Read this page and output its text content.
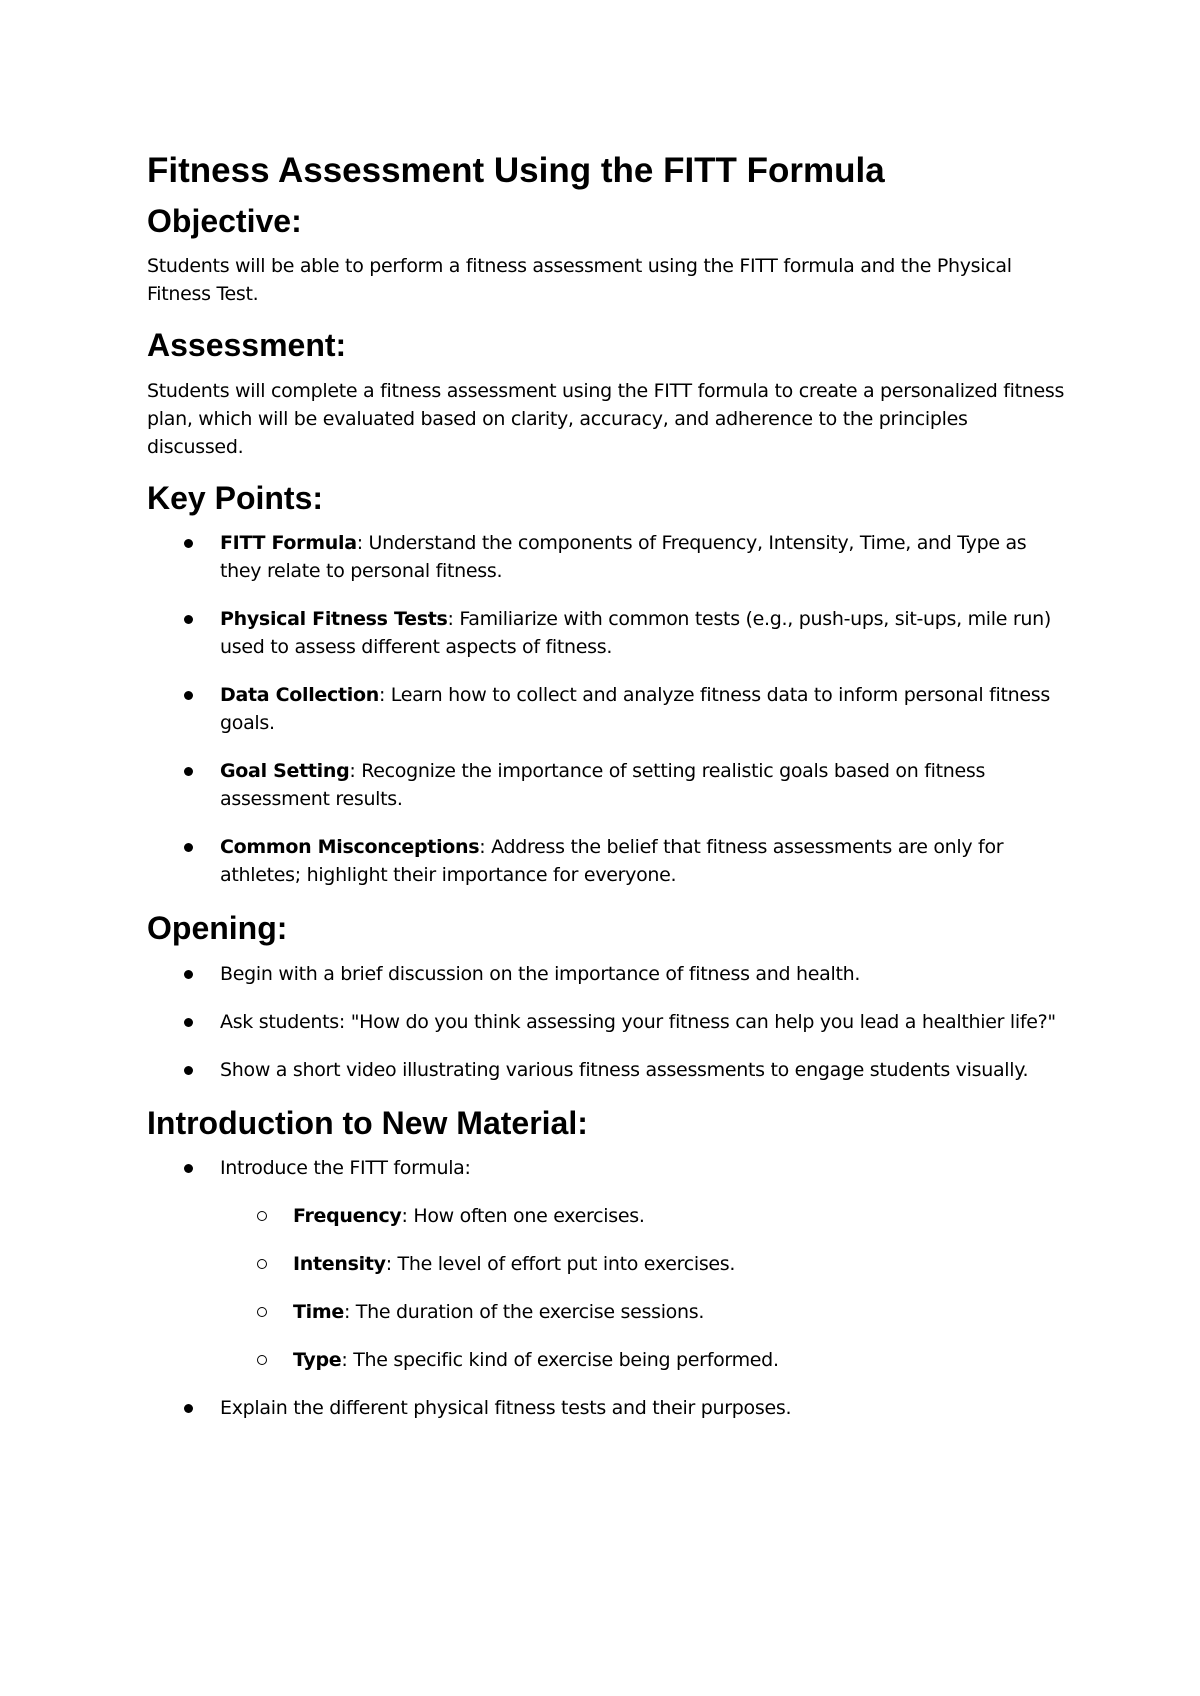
Fitness Assessment Using the FITT Formula
Objective:

Students will be able to perform a fitness assessment using the FITT formula and the Physical Fitness Test.

Assessment:

Students will complete a fitness assessment using the FITT formula to create a personalized fitness plan, which will be evaluated based on clarity, accuracy, and adherence to the principles discussed.

Key Points:
FITT Formula: Understand the components of Frequency, Intensity, Time, and Type as they relate to personal fitness.
Physical Fitness Tests: Familiarize with common tests (e.g., push-ups, sit-ups, mile run) used to assess different aspects of fitness.
Data Collection: Learn how to collect and analyze fitness data to inform personal fitness goals.
Goal Setting: Recognize the importance of setting realistic goals based on fitness assessment results.
Common Misconceptions: Address the belief that fitness assessments are only for athletes; highlight their importance for everyone.
Opening:
Begin with a brief discussion on the importance of fitness and health.
Ask students: "How do you think assessing your fitness can help you lead a healthier life?"
Show a short video illustrating various fitness assessments to engage students visually.
Introduction to New Material:
Introduce the FITT formula:
Frequency: How often one exercises.
Intensity: The level of effort put into exercises.
Time: The duration of the exercise sessions.
Type: The specific kind of exercise being performed.
Explain the different physical fitness tests and their purposes.
